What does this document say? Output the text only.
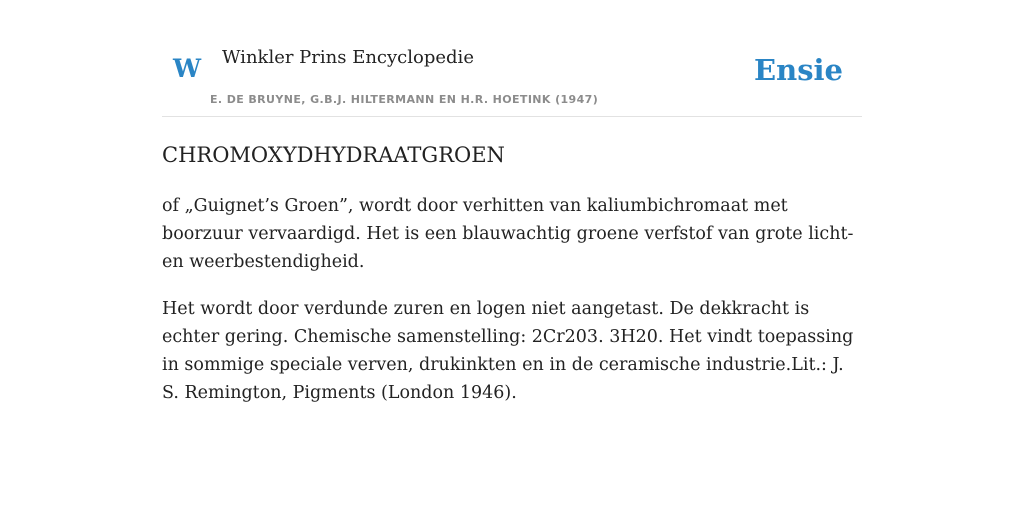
W Winkler Prins Encyclopedie
E. DE BRUYNE, G.B.J. HILTERMANN EN H.R. HOETINK (1947)
Ensie
CHROMOXYDHYDRAATGROEN

of „Guignet’s Groen”, wordt door verhitten van kaliumbichromaat met boorzuur vervaardigd. Het is een blauwachtig groene verfstof van grote licht- en weerbestendigheid.

Het wordt door verdunde zuren en logen niet aangetast. De dekkracht is echter gering. Chemische samenstelling: 2Cr203. 3H20. Het vindt toepassing in sommige speciale verven, drukinkten en in de ceramische industrie.Lit.: J. S. Remington, Pigments (London 1946).
